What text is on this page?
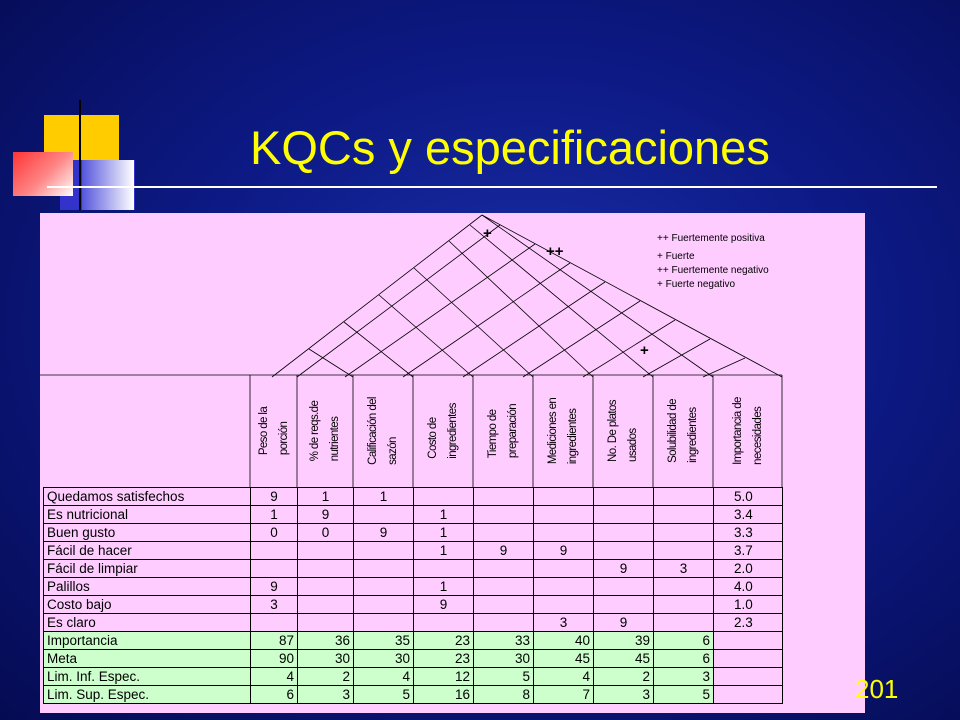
KQCs y especificaciones
+
++
+
++ Fuertemente positiva
+ Fuerte
++ Fuertemente negativo
+ Fuerte negativo
Peso de la porción	% de reqs.de nutrientes	Calificación del sazón	Costo de ingredientes	Tiempo de preparación	Mediciones en ingredientes	No. De platos usados	Solubilidad de ingredientes	Importancia de necesidades
Quedamos satisfechos	9	1	1						5.0
Es nutricional	1	9		1					3.4
Buen gusto	0	0	9	1					3.3
Fácil de hacer				1	9	9			3.7
Fácil de limpiar							9	3	2.0
Palillos	9			1					4.0
Costo bajo	3			9					1.0
Es claro						3	9		2.3
Importancia	87	36	35	23	33	40	39	6	
Meta	90	30	30	23	30	45	45	6	
Lim. Inf. Espec.	4	2	4	12	5	4	2	3	
Lim. Sup. Espec.	6	3	5	16	8	7	3	5		201
